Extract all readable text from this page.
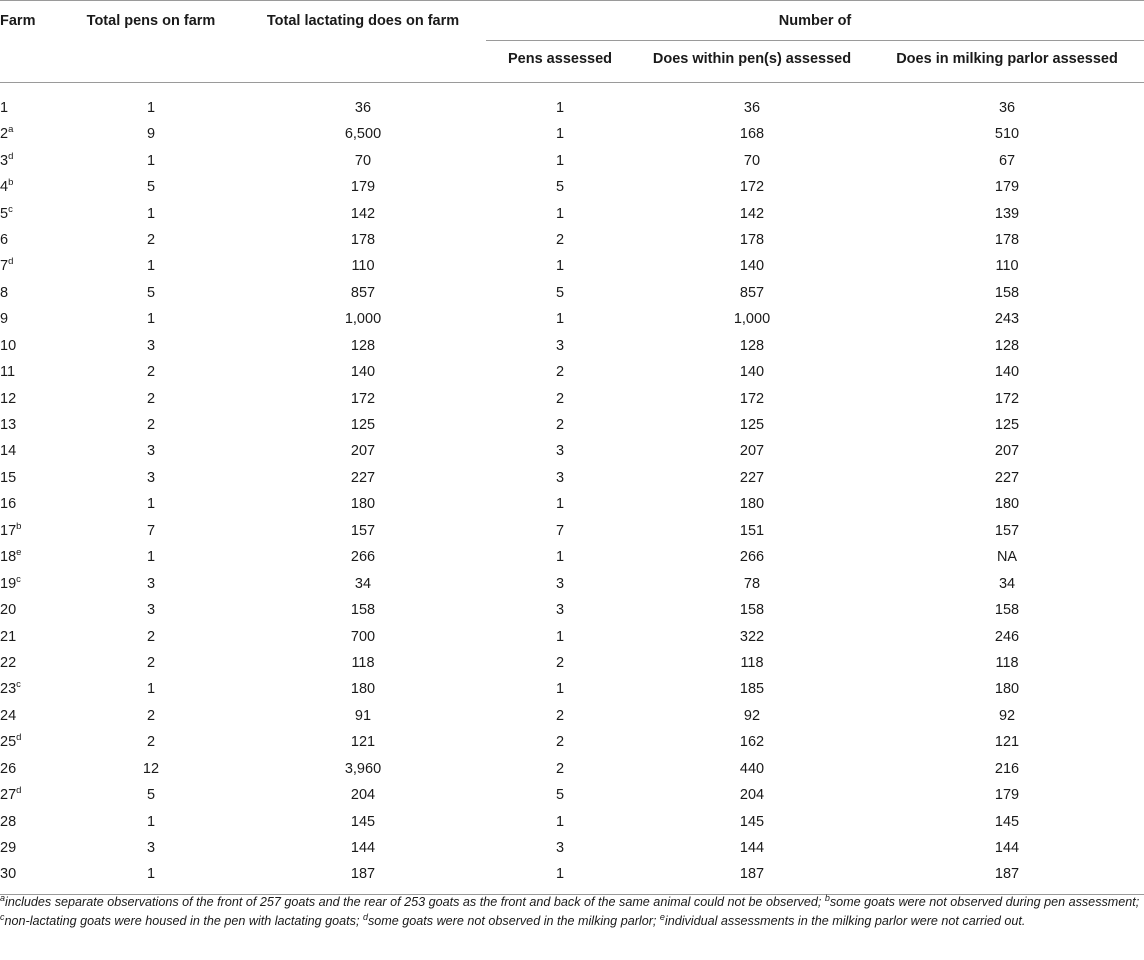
Farm	Total pens on farm	Total lactating does on farm	Number of		
			Pens assessed	Does within pen(s) assessed	Does in milking parlor assessed
1	1	36	1	36	36
2$^a$	9	6,500	1	168	510
3$^d$	1	70	1	70	67
4$^b$	5	179	5	172	179
5$^c$	1	142	1	142	139
6	2	178	2	178	178
7$^d$	1	110	1	140	110
8	5	857	5	857	158
9	1	1,000	1	1,000	243
10	3	128	3	128	128
11	2	140	2	140	140
12	2	172	2	172	172
13	2	125	2	125	125
14	3	207	3	207	207
15	3	227	3	227	227
16	1	180	1	180	180
17$^b$	7	157	7	151	157
18e	1	266	1	266	NA
19$^c$	3	34	3	78	34
20	3	158	3	158	158
21	2	700	1	322	246
22	2	118	2	118	118
23$^c$	1	180	1	185	180
24	2	91	2	92	92
25$^d$	2	121	2	162	121
26	12	3,960	2	440	216
27$^d$	5	204	5	204	179
28	1	145	1	145	145
29	3	144	3	144	144
30	1	187	1	187	187
$^a$includes separate observations of the front of 257 goats and the rear of 253 goats as the front and back of the same animal could not be observed; $^b$some goats were not observed during pen assessment; $^c$non-lactating goats were housed in the pen with lactating goats; $^d$some goats were not observed in the milking parlor; $^e$individual assessments in the milking parlor were not carried out.
